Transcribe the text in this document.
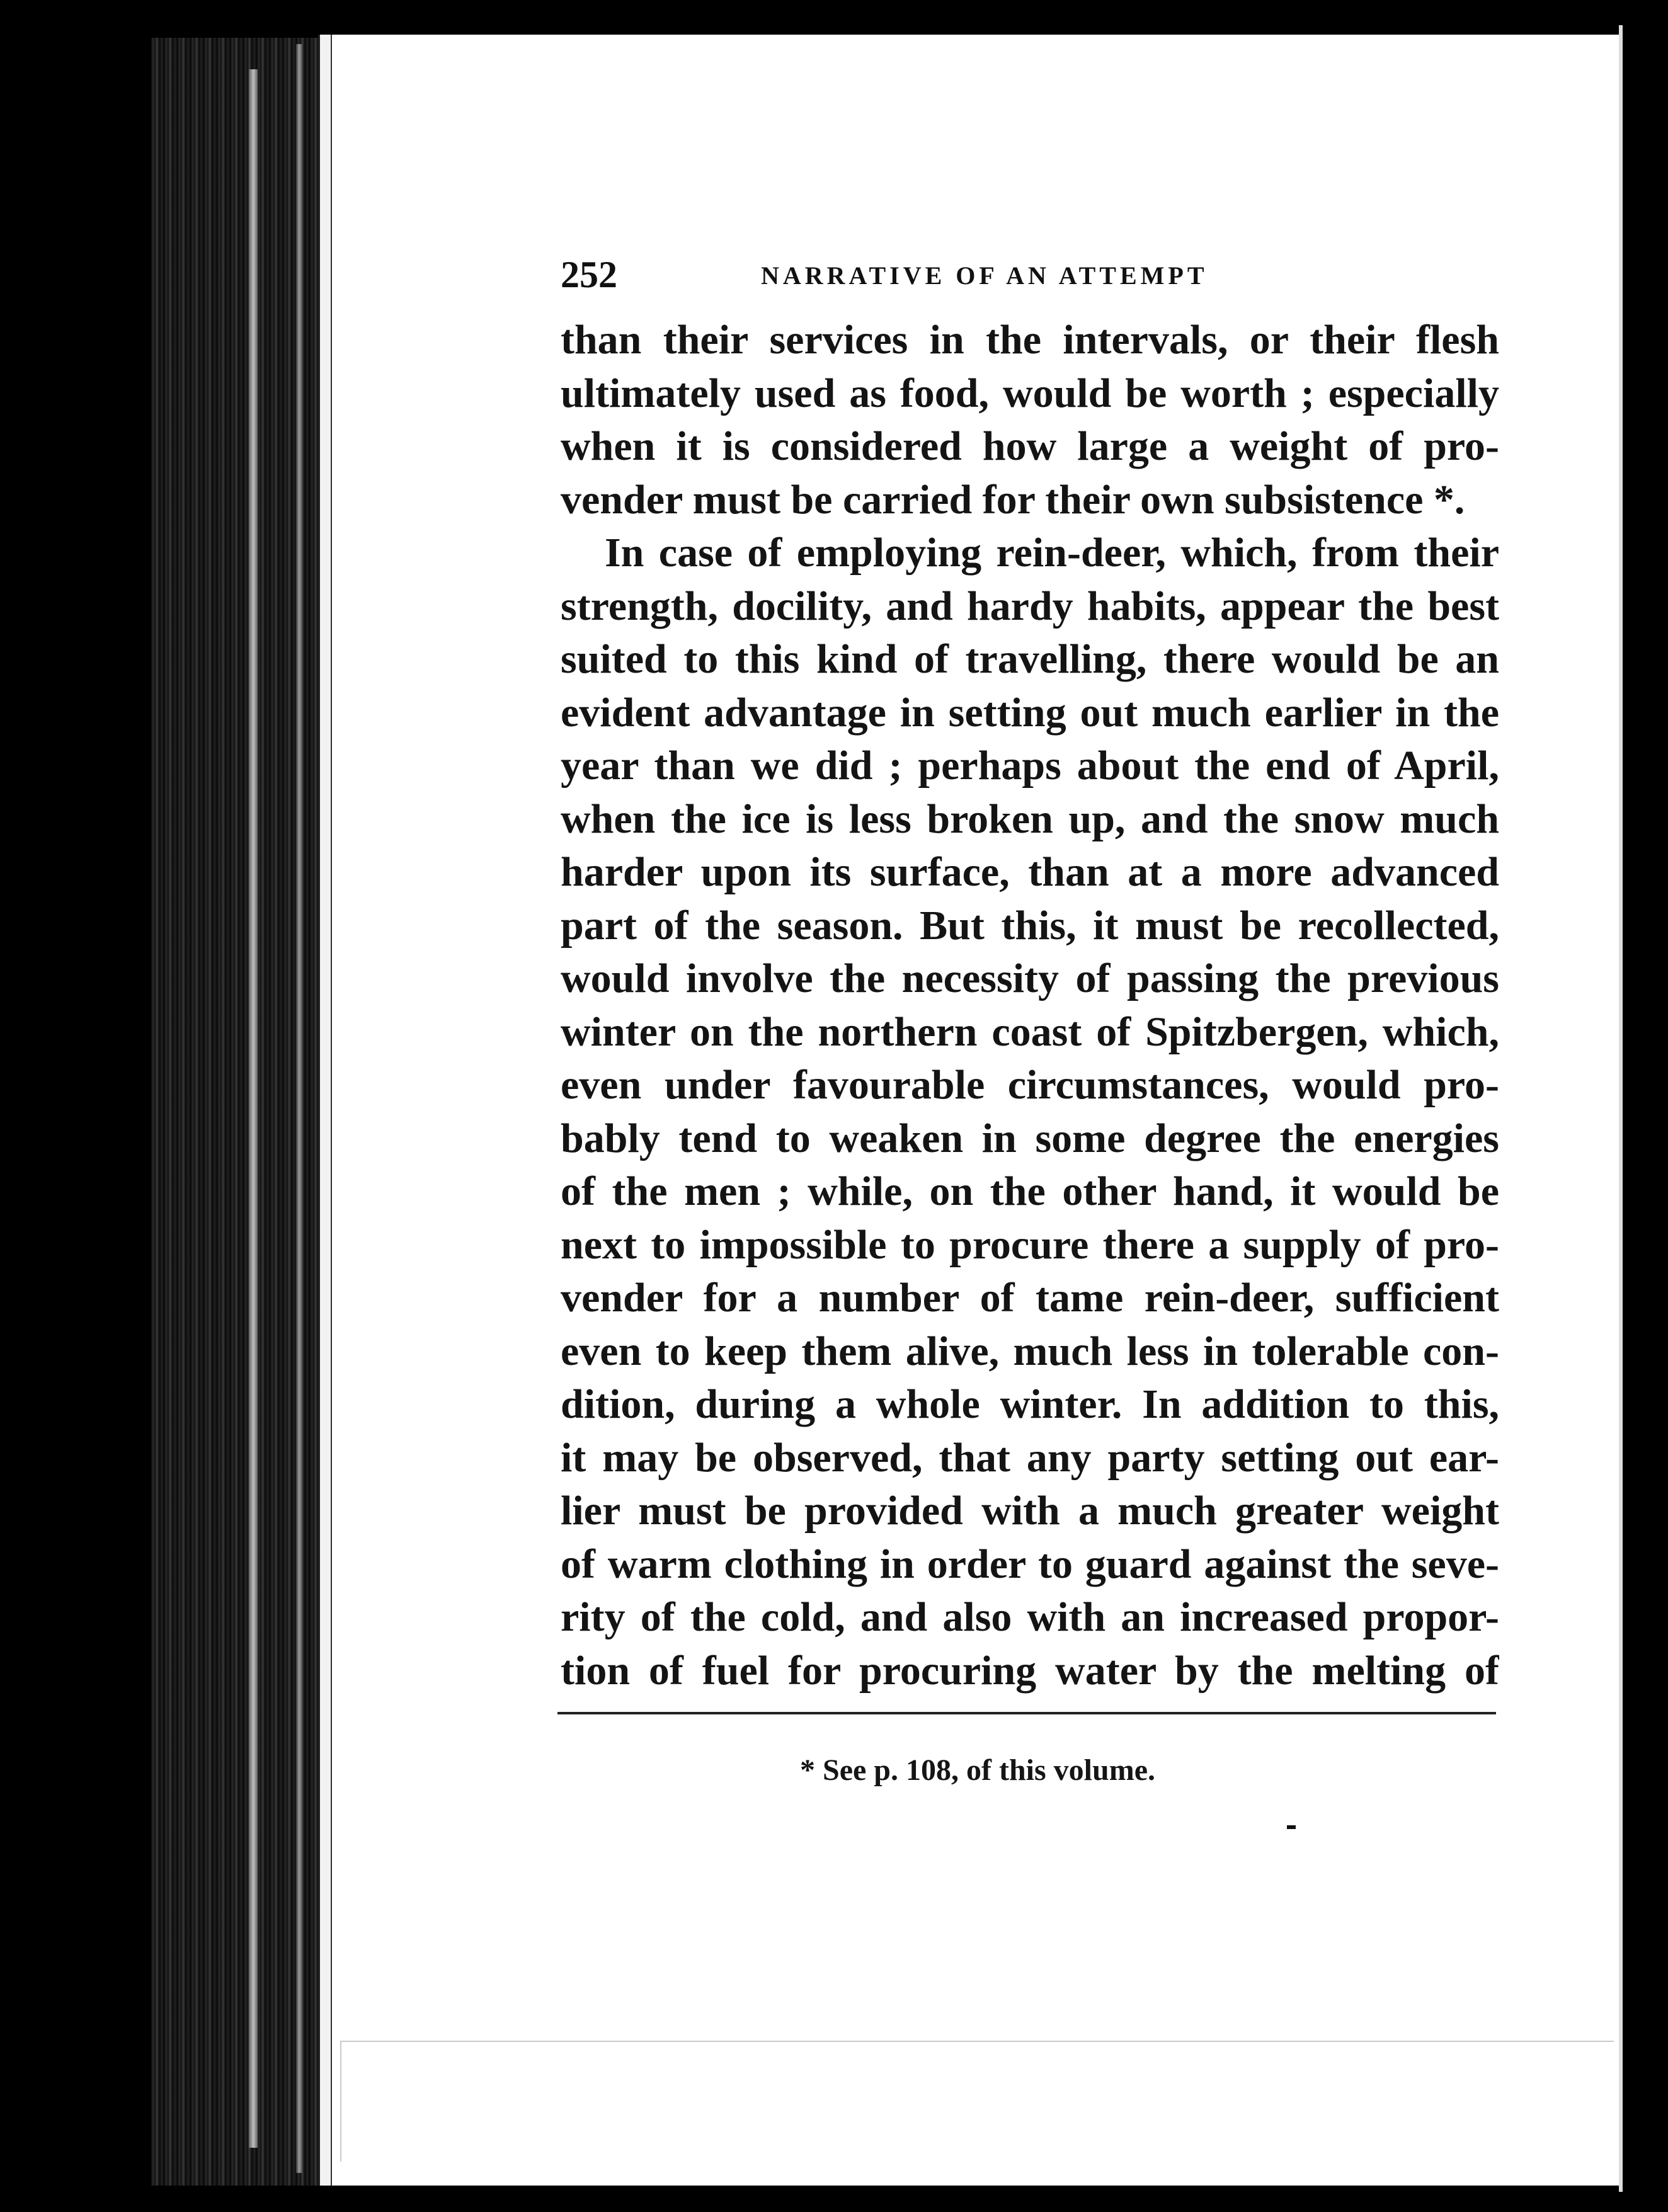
252	NARRATIVE OF AN ATTEMPT
than their services in the intervals, or their flesh
ultimately used as food, would be worth ; especially
when it is considered how large a weight of pro-
vender must be carried for their own subsistence *.
In case of employing rein-deer, which, from their
strength, docility, and hardy habits, appear the best
suited to this kind of travelling, there would be an
evident advantage in setting out much earlier in the
year than we did ; perhaps about the end of April,
when the ice is less broken up, and the snow much
harder upon its surface, than at a more advanced
part of the season. But this, it must be recollected,
would involve the necessity of passing the previous
winter on the northern coast of Spitzbergen, which,
even under favourable circumstances, would pro-
bably tend to weaken in some degree the energies
of the men ; while, on the other hand, it would be
next to impossible to procure there a supply of pro-
vender for a number of tame rein-deer, sufficient
even to keep them alive, much less in tolerable con-
dition, during a whole winter. In addition to this,
it may be observed, that any party setting out ear-
lier must be provided with a much greater weight
of warm clothing in order to guard against the seve-
rity of the cold, and also with an increased propor-
tion of fuel for procuring water by the melting of
* See p. 108, of this volume.
